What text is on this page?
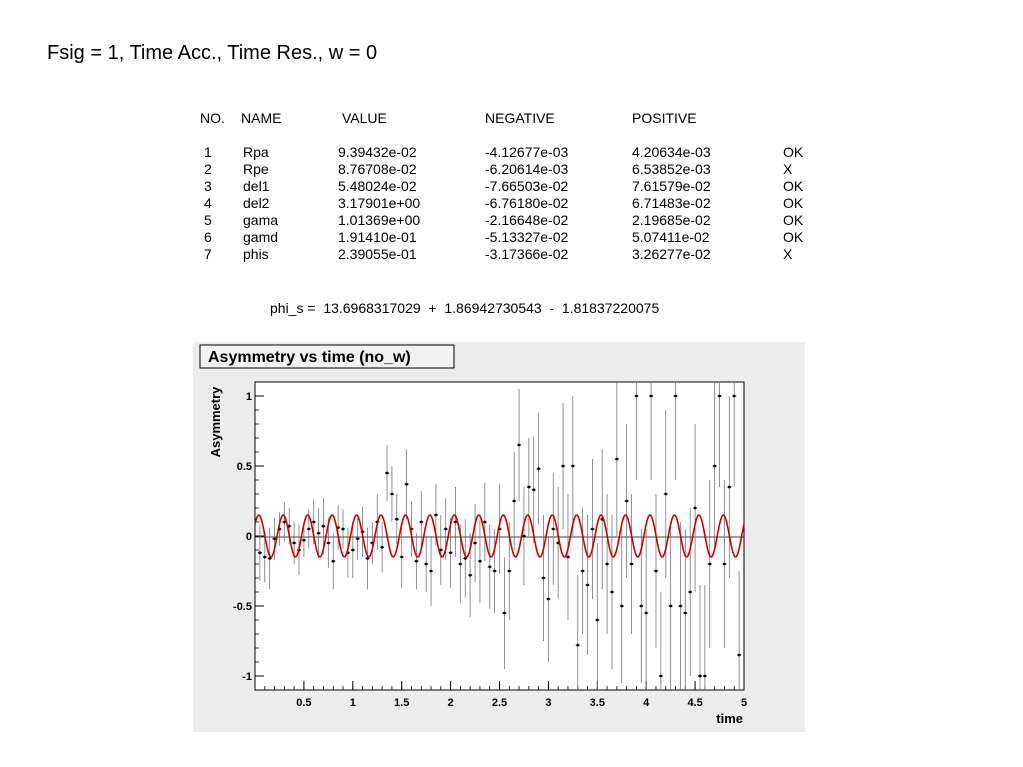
Fsig = 1, Time Acc., Time Res., w = 0
NO. NAME	VALUE	NEGATIVE	POSITIVE
1 Rpa	9.39432e-02	-4.12677e-03	4.20634e-03	OK
2 Rpe	8.76708e-02	-6.20614e-03	6.53852e-03	X
3 del1	5.48024e-02	-7.66503e-02	7.61579e-02	OK
4 del2	3.17901e+00	-6.76180e-02	6.71483e-02	OK
5 gama	1.01369e+00	-2.16648e-02	2.19685e-02	OK
6 gamd	1.91410e-01	-5.13327e-02	5.07411e-02	OK
7 phis	2.39055e-01	-3.17366e-02	3.26277e-02	X
phi_s =  13.6968317029  +  1.86942730543  -  1.81837220075
Asymmetry vs time (no_w)
Asymmetry
time
0.5	1	1.5	2	2.5	3	3.5	4	4.5	5
-1
-0.5
0
0.5
1
